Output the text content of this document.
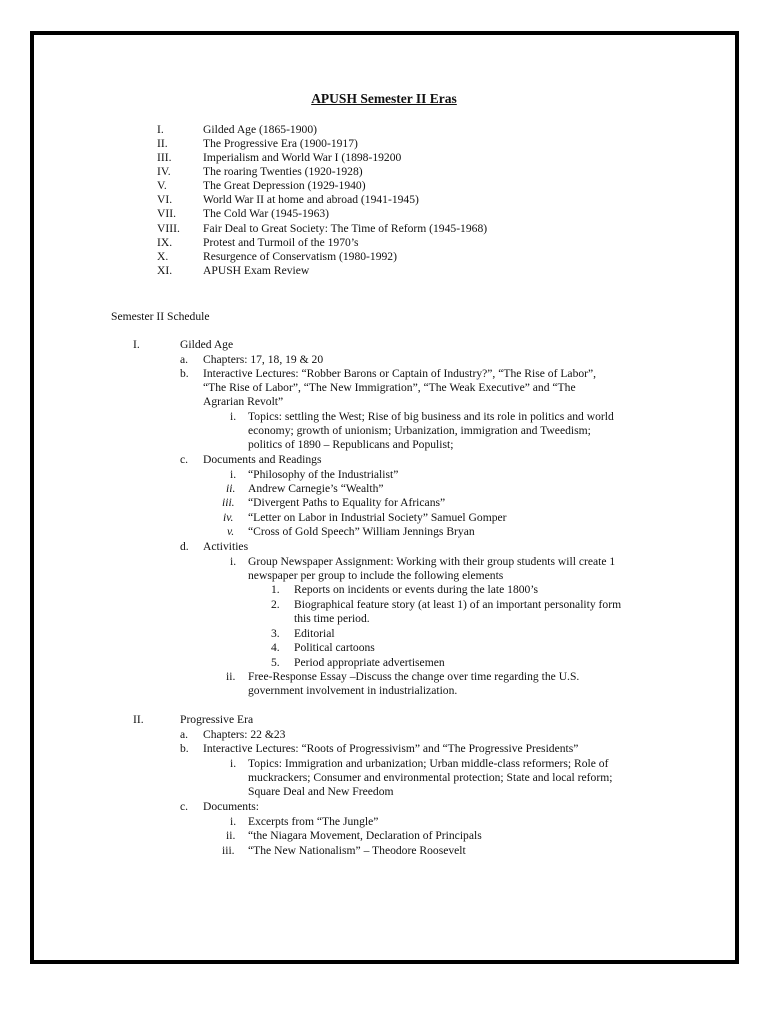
APUSH Semester II Eras
I.	Gilded Age (1865-1900)
II.	The Progressive Era (1900-1917)
III.	Imperialism and World War I (1898-19200
IV.	The roaring Twenties (1920-1928)
V.	The Great Depression (1929-1940)
VI.	World War II at home and abroad (1941-1945)
VII. The Cold War (1945-1963)
VIII. Fair Deal to Great Society: The Time of Reform (1945-1968)
IX.	Protest and Turmoil of the 1970’s
X.	Resurgence of Conservatism (1980-1992)
XI.	APUSH Exam Review
Semester II Schedule
I.	Gilded Age
a. Chapters: 17, 18, 19 & 20
b. Interactive Lectures: “Robber Barons or Captain of Industry?”, “The Rise of Labor”,
“The Rise of Labor”, “The New Immigration”, “The Weak Executive” and “The
Agrarian Revolt”
i. Topics: settling the West; Rise of big business and its role in politics and world
economy; growth of unionism; Urbanization, immigration and Tweedism;
politics of 1890 – Republicans and Populist;
c. Documents and Readings
i. “Philosophy of the Industrialist”
ii. Andrew Carnegie’s “Wealth”
iii. “Divergent Paths to Equality for Africans”
iv. “Letter on Labor in Industrial Society” Samuel Gomper
v. “Cross of Gold Speech” William Jennings Bryan
d. Activities
i. Group Newspaper Assignment: Working with their group students will create 1
newspaper per group to include the following elements
1. Reports on incidents or events during the late 1800’s
2. Biographical feature story (at least 1) of an important personality form
this time period.
3. Editorial
4. Political cartoons
5. Period appropriate advertisemen
ii. Free-Response Essay –Discuss the change over time regarding the U.S.
government involvement in industrialization.
II.	Progressive Era
a. Chapters: 22 &23
b. Interactive Lectures: “Roots of Progressivism” and “The Progressive Presidents”
i. Topics: Immigration and urbanization; Urban middle-class reformers; Role of
muckrackers; Consumer and environmental protection; State and local reform;
Square Deal and New Freedom
c. Documents:
i. Excerpts from “The Jungle”
ii. “the Niagara Movement, Declaration of Principals
iii. “The New Nationalism” – Theodore Roosevelt
